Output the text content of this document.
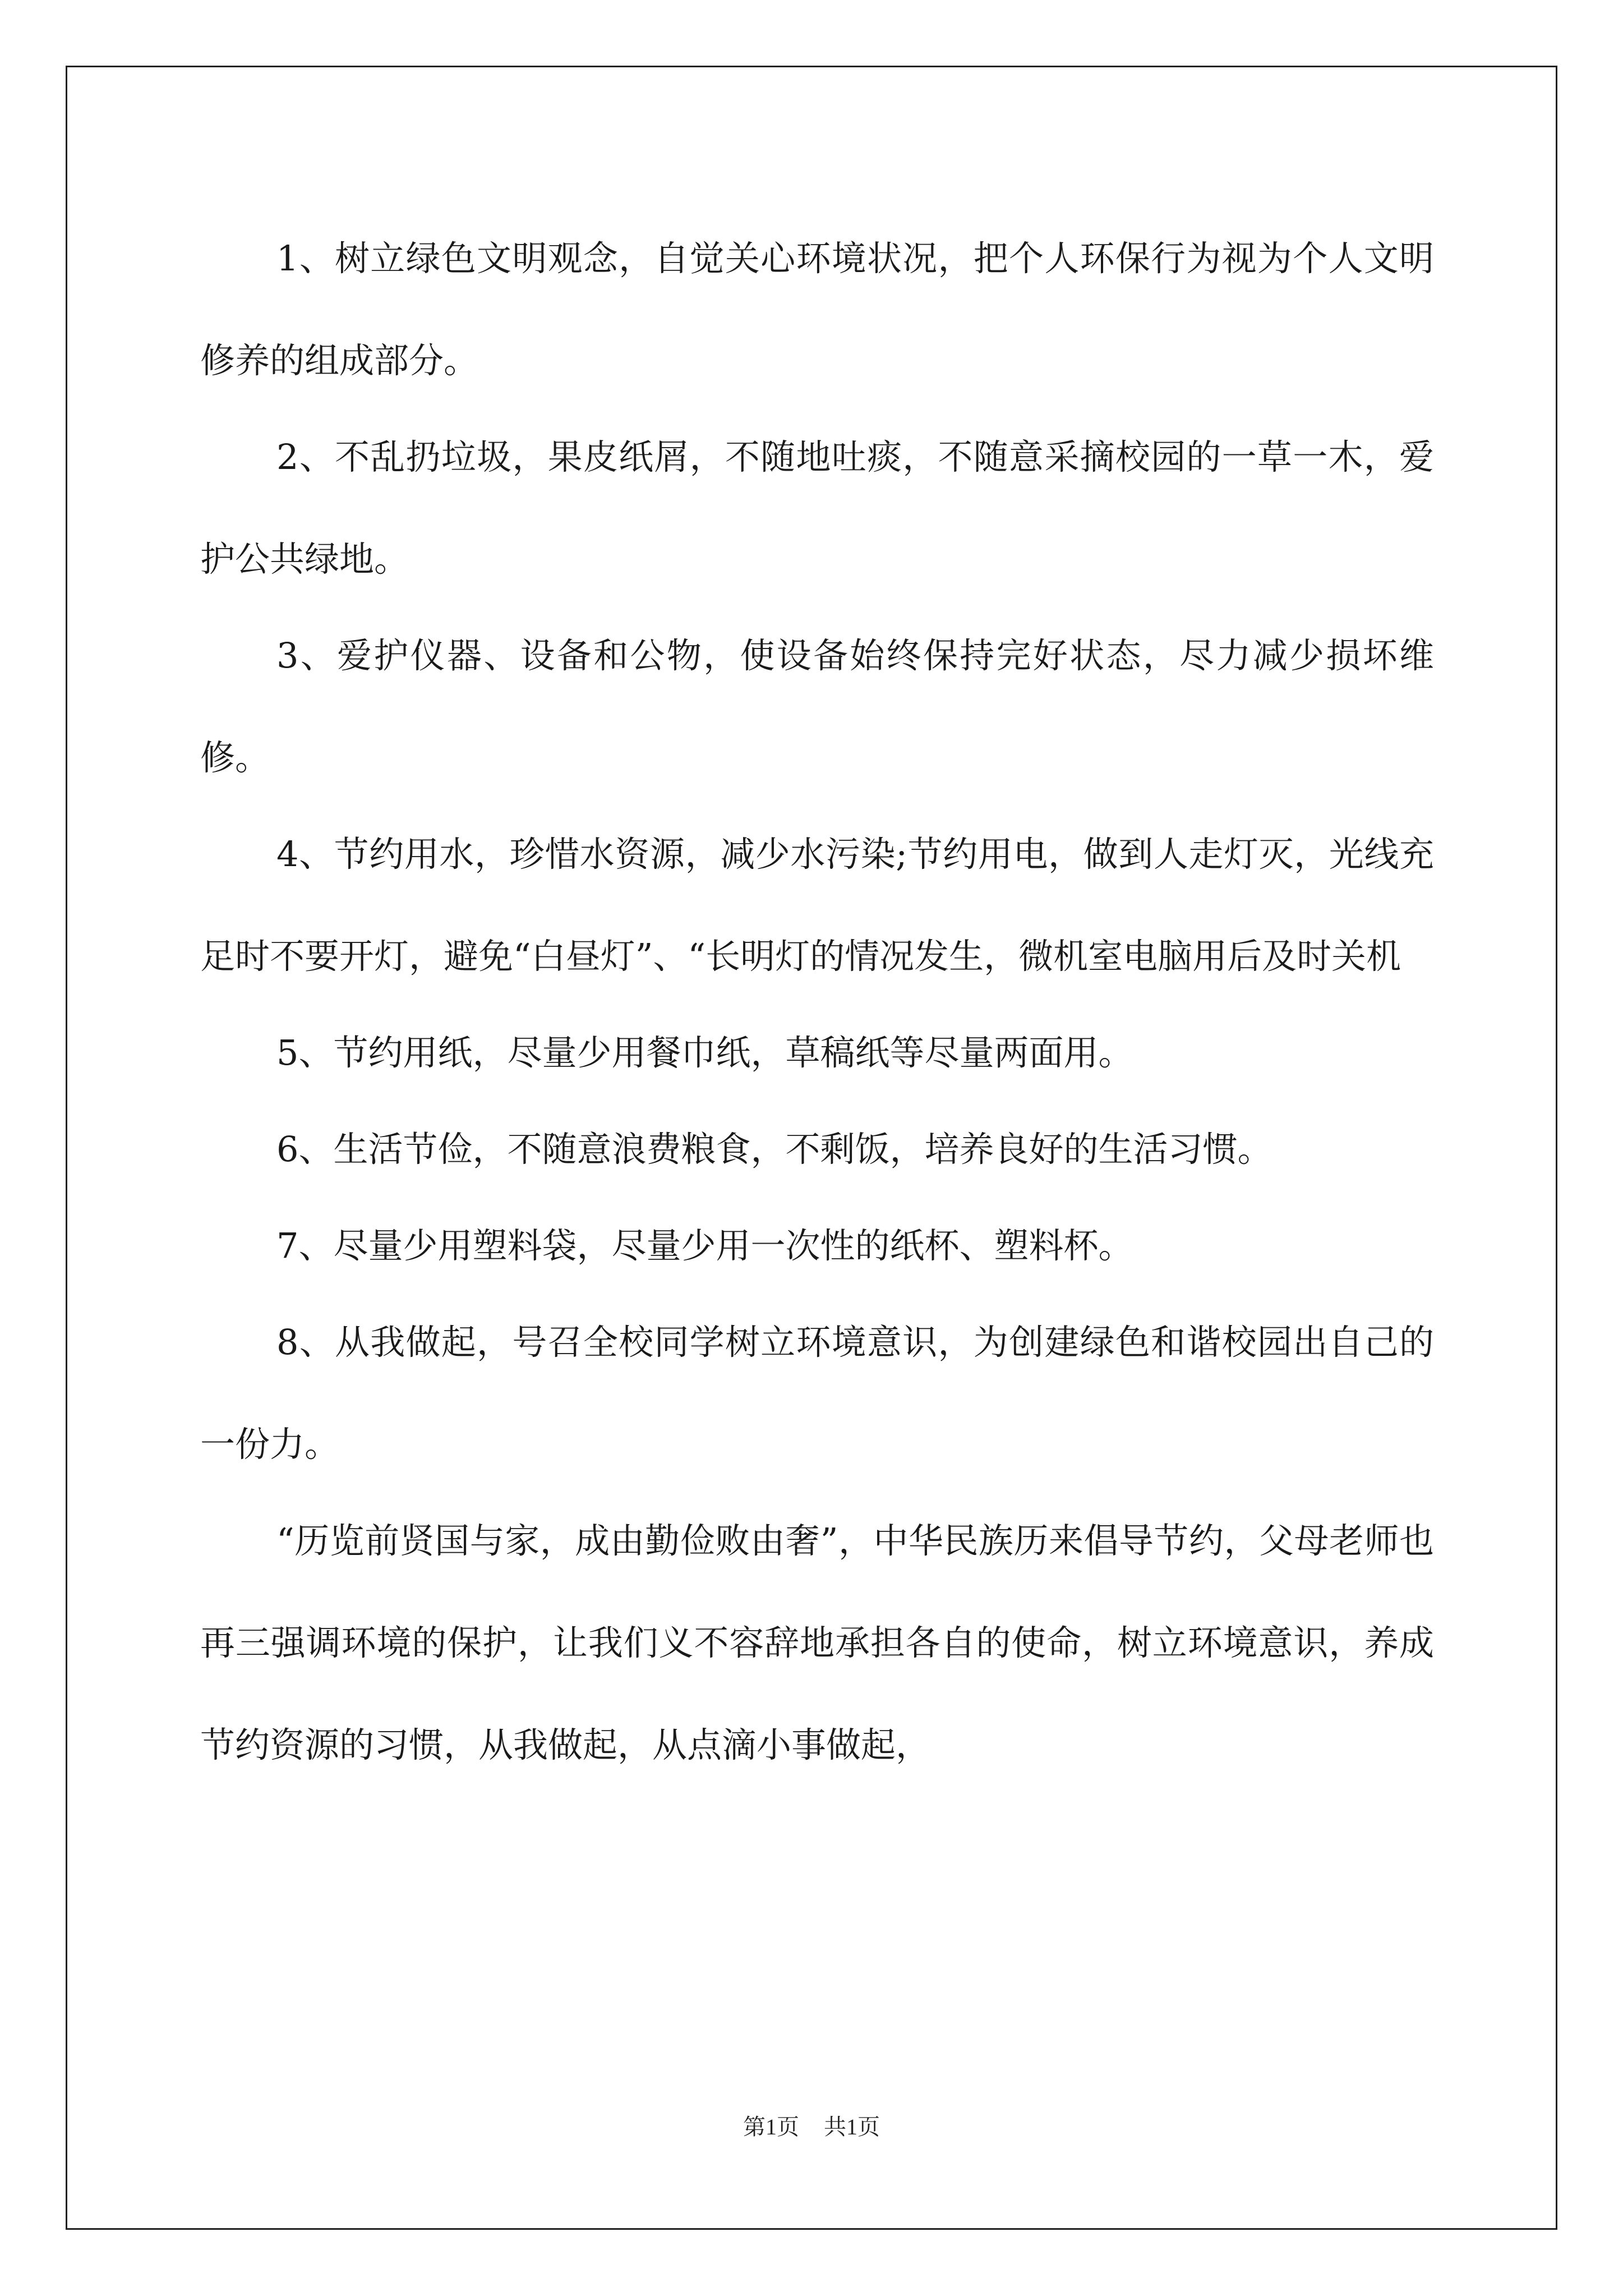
1、树立绿色文明观念，自觉关心环境状况，把个人环保行为视为个人文明修养的组成部分。

2、不乱扔垃圾，果皮纸屑，不随地吐痰，不随意采摘校园的一草一木，爱护公共绿地。

3、爱护仪器、设备和公物，使设备始终保持完好状态，尽力减少损坏维修。

4、节约用水，珍惜水资源，减少水污染;节约用电，做到人走灯灭，光线充足时不要开灯，避免“白昼灯”、“长明灯的情况发生，微机室电脑用后及时关机

5、节约用纸，尽量少用餐巾纸，草稿纸等尽量两面用。

6、生活节俭，不随意浪费粮食，不剩饭，培养良好的生活习惯。

7、尽量少用塑料袋，尽量少用一次性的纸杯、塑料杯。

8、从我做起，号召全校同学树立环境意识，为创建绿色和谐校园出自己的一份力。

“历览前贤国与家，成由勤俭败由奢”，中华民族历来倡导节约，父母老师也再三强调环境的保护，让我们义不容辞地承担各自的使命，树立环境意识，养成节约资源的习惯，从我做起，从点滴小事做起，

第1页 共1页
